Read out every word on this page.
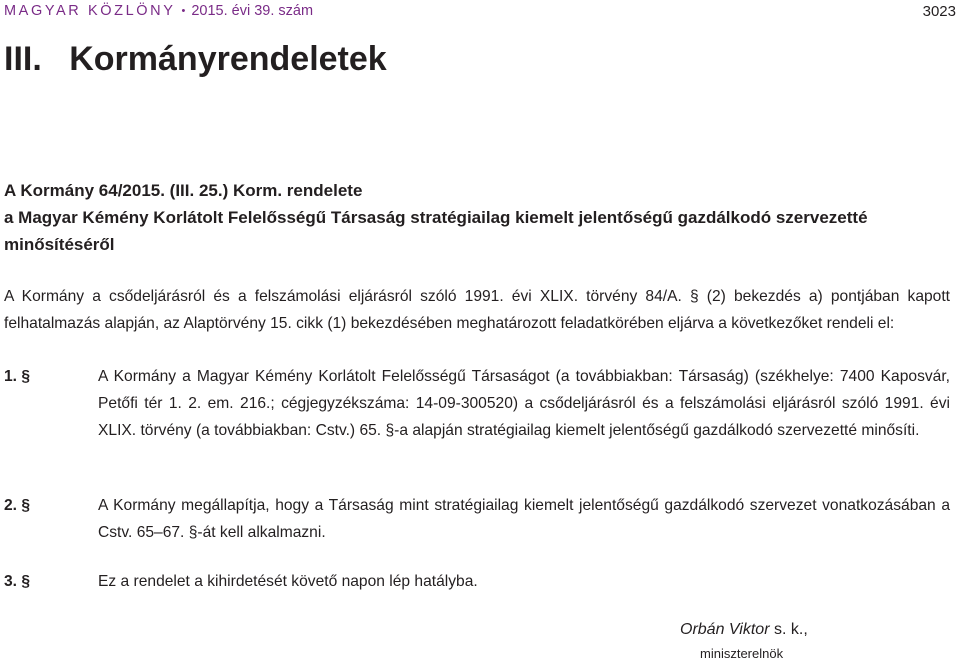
MAGYAR KÖZLÖNY • 2015. évi 39. szám	3023
III. Kormányrendeletek
A Kormány 64/2015. (III. 25.) Korm. rendelete
a Magyar Kémény Korlátolt Felelősségű Társaság stratégiailag kiemelt jelentőségű gazdálkodó szervezetté minősítéséről
A Kormány a csődeljárásról és a felszámolási eljárásról szóló 1991. évi XLIX. törvény 84/A. § (2) bekezdés a) pontjában kapott felhatalmazás alapján, az Alaptörvény 15. cikk (1) bekezdésében meghatározott feladatkörében eljárva a következőket rendeli el:
1. §	A Kormány a Magyar Kémény Korlátolt Felelősségű Társaságot (a továbbiakban: Társaság) (székhelye: 7400 Kaposvár, Petőfi tér 1. 2. em. 216.; cégjegyzékszáma: 14-09-300520) a csődeljárásról és a felszámolási eljárásról szóló 1991. évi XLIX. törvény (a továbbiakban: Cstv.) 65. §-a alapján stratégiailag kiemelt jelentőségű gazdálkodó szervezetté minősíti.
2. §	A Kormány megállapítja, hogy a Társaság mint stratégiailag kiemelt jelentőségű gazdálkodó szervezet vonatkozásában a Cstv. 65–67. §-át kell alkalmazni.
3. §	Ez a rendelet a kihirdetését követő napon lép hatályba.
Orbán Viktor s. k.,
miniszterelnök
